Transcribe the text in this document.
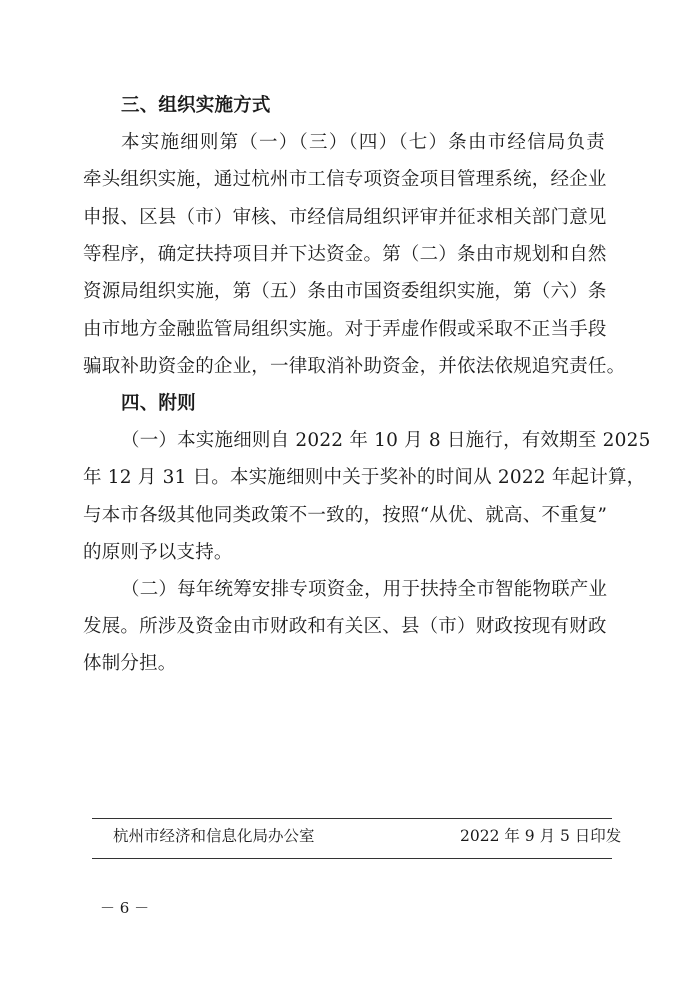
三、组织实施方式
本实施细则第（一）（三）（四）（七）条由市经信局负责
牵头组织实施，通过杭州市工信专项资金项目管理系统，经企业
申报、区县（市）审核、市经信局组织评审并征求相关部门意见
等程序，确定扶持项目并下达资金。第（二）条由市规划和自然
资源局组织实施，第（五）条由市国资委组织实施，第（六）条
由市地方金融监管局组织实施。对于弄虚作假或采取不正当手段
骗取补助资金的企业，一律取消补助资金，并依法依规追究责任。
四、附则
（一）本实施细则自 2022 年 10 月 8 日施行，有效期至 2025
年 12 月 31 日。本实施细则中关于奖补的时间从 2022 年起计算，
与本市各级其他同类政策不一致的，按照“从优、就高、不重复”
的原则予以支持。
（二）每年统筹安排专项资金，用于扶持全市智能物联产业
发展。所涉及资金由市财政和有关区、县（市）财政按现有财政
体制分担。
杭州市经济和信息化局办公室	2022 年 9 月 5 日印发
－ 6 －
